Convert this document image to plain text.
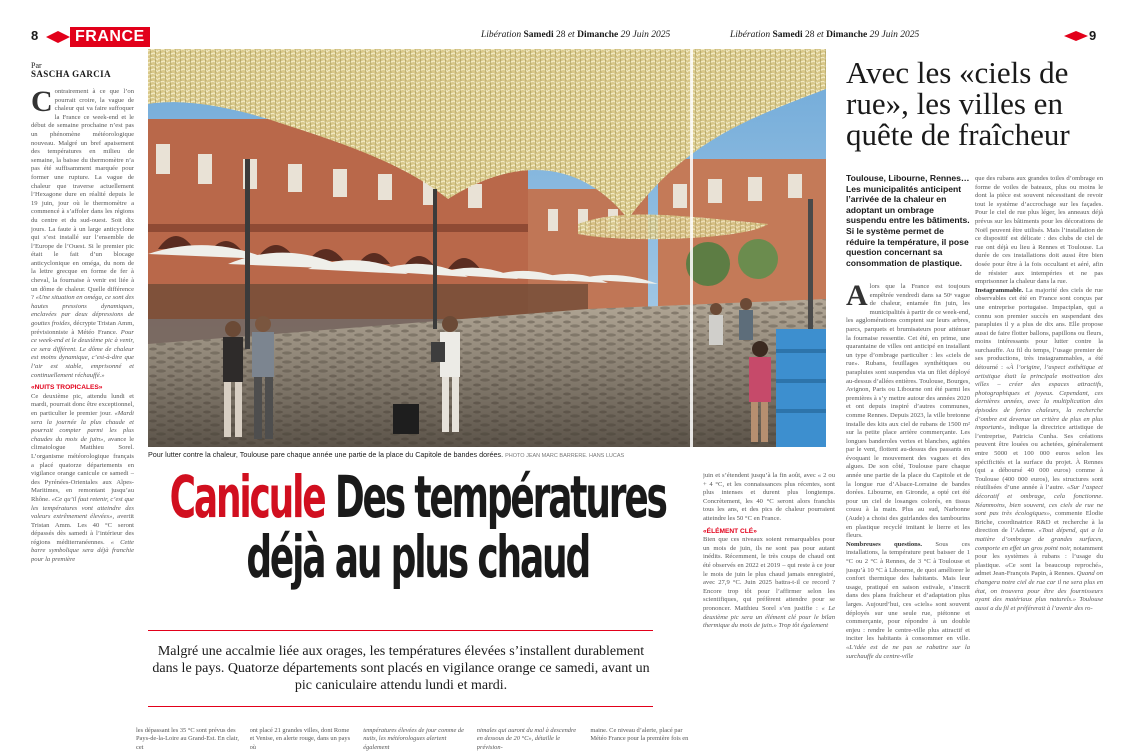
8	FRANCE	Libération Samedi 28 et Dimanche 29 Juin 2025	Libération Samedi 28 et Dimanche 29 Juin 2025	9
Par
SASCHA GARCIA
C ontrairement à ce que l’on pourrait croire, la vague de chaleur qui va faire suffoquer la France ce week-end et le début de semaine prochaine n’est pas un phénomène météorologique nouveau. Malgré un bref apaisement des températures en milieu de semaine, la baisse du thermomètre n’a pas été suffisamment marquée pour former une rupture. La vague de chaleur que traverse actuellement l’Hexagone dure en réalité depuis le 19 juin, jour où le thermomètre a commencé à s’affoler dans les régions du centre et du sud-ouest. Soit dix jours. La faute à un large anticyclone qui s’est installé sur l’ensemble de l’Europe de l’Ouest. Si le premier pic était le fait d’un blocage anticyclonique en oméga, du nom de la lettre grecque en forme de fer à cheval, la fournaise à venir est liée à un dôme de chaleur. Quelle différence ? «Une situation en oméga, ce sont des hautes pressions dynamiques, enclavées par deux dépressions de gouttes froides, décrypte Tristan Amm, prévisionniste à Météo France. Pour ce week-end et le deuxième pic à venir, ce sera différent. Le dôme de chaleur est moins dynamique, c’est-à-dire que l’air est stable, emprisonné et continuellement réchauffé.»
«NUITS TROPICALES»
Ce deuxième pic, attendu lundi et mardi, pourrait donc être exceptionnel, en particulier le premier jour. «Mardi sera la journée la plus chaude et pourrait compter parmi les plus chaudes du mois de juin», avance le climatologue Matthieu Sorel. L’organisme météorologique français a placé quatorze départements en vigilance orange canicule ce samedi – des Pyrénées-Orientales aux Alpes-Maritimes, en remontant jusqu’au Rhône. «Ce qu’il faut retenir, c’est que les températures vont atteindre des valeurs extrêmement élevées», avertit Tristan Amm. Les 40 °C seront dépassés dès samedi à l’intérieur des régions méditerranéennes. « Cette barre symbolique sera déjà franchie pour la première
Pour lutter contre la chaleur, Toulouse pare chaque année une partie de la place du Capitole de bandes dorées. PHOTO JEAN MARC BARRERE. HANS LUCAS
Canicule Des températures
déjà au plus chaud
Malgré une accalmie liée aux orages, les températures élevées s’installent durablement dans le pays. Quatorze départements sont placés en vigilance orange ce samedi, avant un pic caniculaire attendu lundi et mardi.
les dépassant les 35 °C sont prévus des Pays-de-la-Loire au Grand-Est. En clair, cet
ont placé 21 grandes villes, dont Rome et Venise, en alerte rouge, dans un pays où
températures élevées de jour comme de nuits, les météorologues alertent également
nimales qui auront du mal à descendre en dessous de 20 °C», détaille le prévision-
maine. Ce niveau d’alerte, placé par Météo France pour la première fois en
juin et s’étendent jusqu’à la fin août, avec « 2 ou + 4 °C, et les connaissances plus récentes, sont plus intenses et durent plus longtemps. Concrètement, les 40 °C seront alors franchis tous les ans, et des pics de chaleur pourraient atteindre les 50 °C en France.
«ÉLÉMENT CLÉ»
Bien que ces niveaux soient remarquables pour un mois de juin, ils ne sont pas pour autant inédits. Récemment, le très coups de chaud ont été observés en 2022 et 2019 – qui reste à ce jour le mois de juin le plus chaud jamais enregistré, avec 27,9 °C. Juin 2025 battra-t-il ce record ? Encore trop tôt pour l’affirmer selon les scientifiques, qui préfèrent attendre pour se prononcer. Matthieu Sorel s’en justifie : « Le deuxième pic sera un élément clé pour le bilan thermique du mois de juin.» Trop tôt également
Avec les «ciels de rue», les villes en quête de fraîcheur
Toulouse, Libourne, Rennes… Les municipalités anticipent l’arrivée de la chaleur en adoptant un ombrage suspendu entre les bâtiments. Si le système permet de réduire la température, il pose question concernant sa consommation de plastique.
A lors que la France est toujours empêtrée vendredi dans sa 50ᵉ vague de chaleur, entamée fin juin, les municipalités à partir de ce week-end, les agglomérations comptent sur leurs arbres, parcs, parquets et brumisateurs pour atténuer la fournaise ressentie. Cet été, en prime, une quarantaine de villes ont anticipé en installant un type d’ombrage particulier : les «ciels de rue». Rubans, feuillages synthétiques ou parapluies sont suspendus via un filet déployé au-dessus d’allées entières. Toulouse, Bourges, Avignon, Paris ou Libourne ont été parmi les premières à s’y mettre autour des années 2020 et ont depuis inspiré d’autres communes, comme Rennes. Depuis 2023, la ville bretonne installe des kits aux ciel de rubans de 1500 m² sur la petite place arrière commerçante. Les longues banderoles vertes et blanches, agitées par le vent, flottent au-dessus des passants en évoquant le mouvement des vagues et des algues. De son côté, Toulouse pare chaque année une partie de la place du Capitole et de la longue rue d’Alsace-Lorraine de bandes dorées. Libourne, en Gironde, a opté cet été pour un ciel de losanges colorés, en tissus cousu à la main. Plus au sud, Narbonne (Aude) a choisi des guirlandes des tambourins en plastique recyclé imitant le lierre et les fleurs.
Nombreuses questions. Sous ces installations, la température peut baisser de 1 °C ou 2 °C à Rennes, de 3 °C à Toulouse et jusqu’à 10 °C à Libourne, de quoi améliorer le confort thermique des habitants. Mais leur usage, pratiqué en saison estivale, s’inscrit dans des plans fraîcheur et d’adaptation plus larges. Aujourd’hui, ces «ciels» sont souvent déployés sur une seule rue, piétonne et commerçante, pour répondre à un double enjeu : rendre le centre-ville plus attractif et inciter les habitants à consommer en ville. «L’idée est de ne pas se rabattre sur la surchauffe du centre-ville
que des rubans aux grandes toiles d’ombrage en forme de voiles de bateaux, plus ou moins le dont la pièce est souvent nécessitant de revoir tout le système d’accrochage sur les façades. Pour le ciel de rue plus léger, les anneaux déjà prévus sur les bâtiments pour les décorations de Noël peuvent être utilisés. Mais l’installation de ce dispositif est délicate : des clubs de ciel de rue ont déjà eu lieu à Rennes et Toulouse. La durée de ces installations doit aussi être bien dosée pour être à la fois occultant et aéré, afin de résister aux intempéries et ne pas emprisonner la chaleur dans la rue.
Instagrammable. La majorité des ciels de rue observables cet été en France sont conçus par une entreprise portugaise. Impactplan, qui a connu son premier succès en suspendant des parapluies il y a plus de dix ans. Elle propose aussi de faire flotter ballons, papillons ou fleurs, moins intéressants pour lutter contre la surchauffe. Au fil du temps, l’usage premier de ses productions, très instagrammables, a été détourné : «À l’origine, l’aspect esthétique et artistique était la principale motivation des villes – créer des espaces attractifs, photographiques et joyeux. Cependant, ces dernières années, avec la multiplication des épisodes de fortes chaleurs, la recherche d’ombre est devenue un critère de plus en plus important», indique la directrice artistique de l’entreprise, Patricia Cunha. Ses créations peuvent être louées ou achetées, généralement entre 5000 et 100 000 euros selon les spécificités et la surface du projet. À Rennes (qui a déboursé 40 000 euros) comme à Toulouse (400 000 euros), les structures sont réutilisées d’une année à l’autre. «Sur l’aspect décoratif et ombrage, cela fonctionne. Néanmoins, bien souvent, ces ciels de rue ne sont pas très écologiques», commente Elodie Briche, coordinatrice R&D et recherche à la direction de l’Ademe. «Tout dépend, qui a la matière d’ombrage de grandes surfaces, comporte en effet un gros point noir, notamment pour les systèmes à rubans : l’usage du plastique. «Ce sont la beaucoup reproché», admet Jean-François Papin, à Rennes. Quand on changera notre ciel de rue car il ne sera plus en état, on trouvera pour être des fournisseurs ayant des matériaux plus naturels.» Toulouse aussi a du fil et préférerait à l’avenir des ro-
